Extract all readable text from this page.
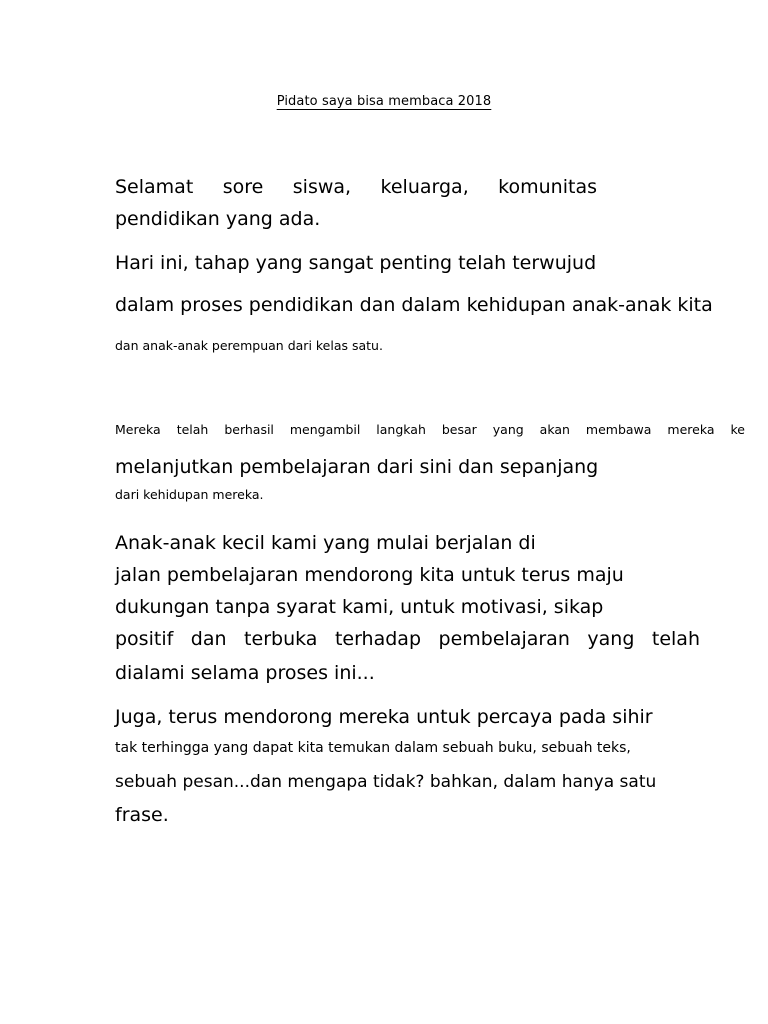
Pidato saya bisa membaca 2018
Selamat sore siswa, keluarga, komunitas
pendidikan yang ada.
Hari ini, tahap yang sangat penting telah terwujud
dalam proses pendidikan dan dalam kehidupan anak-anak kita
dan anak-anak perempuan dari kelas satu.
Mereka telah berhasil mengambil langkah besar yang akan membawa mereka ke
melanjutkan pembelajaran dari sini dan sepanjang
dari kehidupan mereka.
Anak-anak kecil kami yang mulai berjalan di
jalan pembelajaran mendorong kita untuk terus maju
dukungan tanpa syarat kami, untuk motivasi, sikap
positif dan terbuka terhadap pembelajaran yang telah
dialami selama proses ini...
Juga, terus mendorong mereka untuk percaya pada sihir
tak terhingga yang dapat kita temukan dalam sebuah buku, sebuah teks,
sebuah pesan...dan mengapa tidak? bahkan, dalam hanya satu
frase.
